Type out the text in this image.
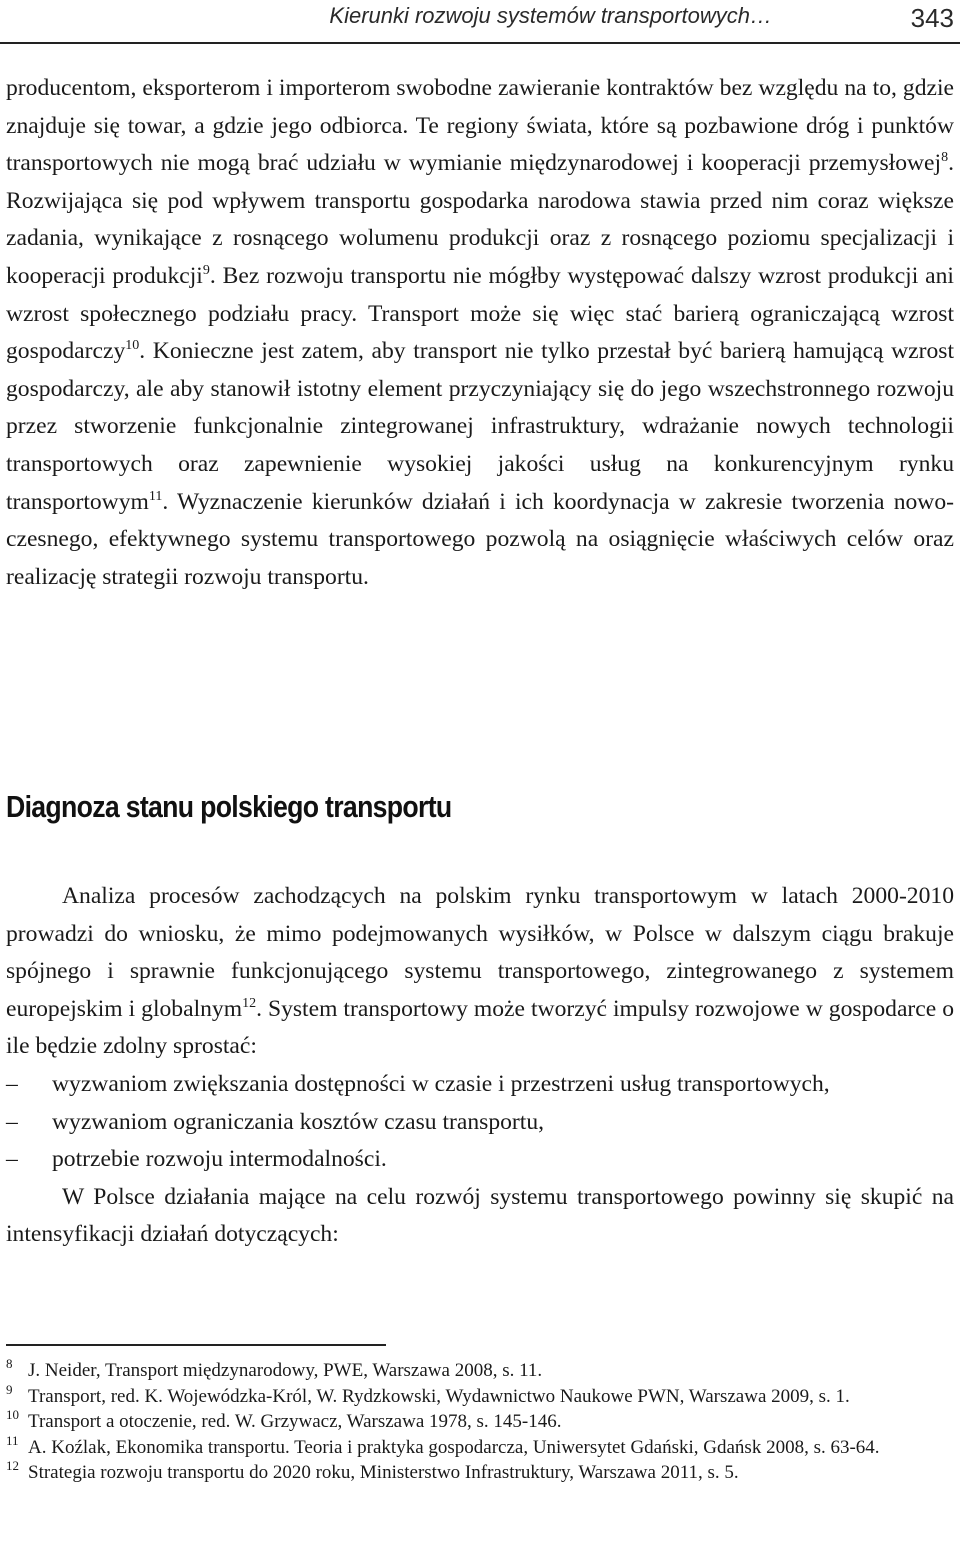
Kierunki rozwoju systemów transportowych…	343

producentom, eksporterom i importerom swobodne zawieranie kontraktów bez względu na to, gdzie znajduje się towar, a gdzie jego odbiorca. Te regiony świata, które są pozbawione dróg i punktów transportowych nie mogą brać udziału w wymianie międzynarodowej i kooperacji przemysłowej$^8$. Rozwijająca się pod wpływem transportu gospodarka narodowa stawia przed nim coraz większe zadania, wynikające z rosnącego wolumenu produkcji oraz z rosnącego poziomu specjalizacji i kooperacji produkcji$^9$. Bez rozwoju transportu nie mógłby występować dalszy wzrost produkcji ani wzrost społecznego podziału pracy. Transport może się więc stać barierą ograniczającą wzrost gospodarczy$^{10}$. Konieczne jest zatem, aby transport nie tylko przestał być barierą hamującą wzrost gospodarczy, ale aby stanowił istotny element przyczyniający się do jego wszechstronnego rozwoju przez stworzenie funkcjonalnie zintegrowanej infrastruktury, wdrażanie nowych technologii transportowych oraz zapewnienie wysokiej jakości usług na konkurencyjnym rynku transportowym$^{11}$. Wyznaczenie kierunków działań i ich koordynacja w zakresie tworzenia nowoczesnego, efektywnego systemu transportowego pozwolą na osiągnięcie właściwych celów oraz realizację strategii rozwoju transportu.

Diagnoza stanu polskiego transportu

Analiza procesów zachodzących na polskim rynku transportowym w latach 2000-2010 prowadzi do wniosku, że mimo podejmowanych wysiłków, w Polsce w dalszym ciągu brakuje spójnego i sprawnie funkcjonującego systemu transportowego, zintegrowanego z systemem europejskim i globalnym$^{12}$. System transportowy może tworzyć impulsy rozwojowe w gospodarce o ile będzie zdolny sprostać:

–	wyzwaniom zwiększania dostępności w czasie i przestrzeni usług transportowych,
–	wyzwaniom ograniczania kosztów czasu transportu,
–	potrzebie rozwoju intermodalności.

W Polsce działania mające na celu rozwój systemu transportowego powinny się skupić na intensyfikacji działań dotyczących:

8 J. Neider, Transport międzynarodowy, PWE, Warszawa 2008, s. 11.
9 Transport, red. K. Wojewódzka-Król, W. Rydzkowski, Wydawnictwo Naukowe PWN, Warszawa 2009, s. 1.
10 Transport a otoczenie, red. W. Grzywacz, Warszawa 1978, s. 145-146.
11 A. Koźlak, Ekonomika transportu. Teoria i praktyka gospodarcza, Uniwersytet Gdański, Gdańsk 2008, s. 63-64.
12 Strategia rozwoju transportu do 2020 roku, Ministerstwo Infrastruktury, Warszawa 2011, s. 5.
